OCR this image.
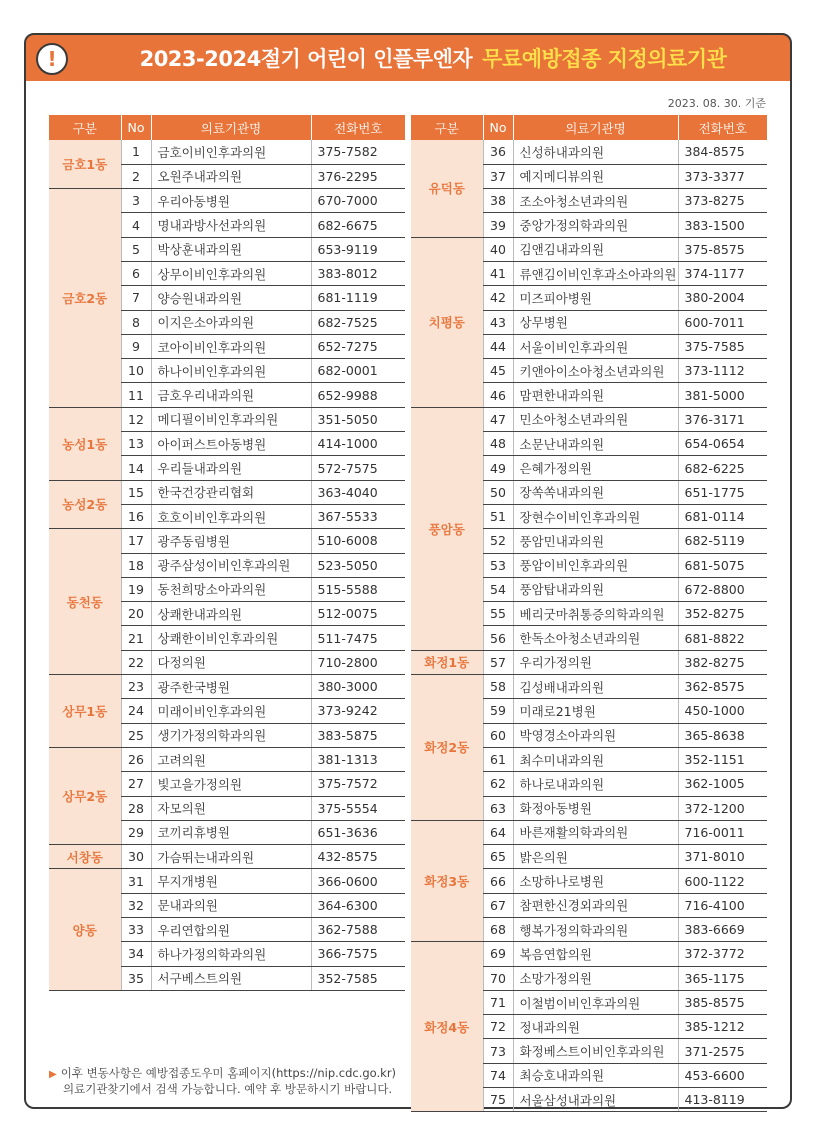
!	2023-2024절기 어린이 인플루엔자 무료예방접종 지정의료기관
2023. 08. 30. 기준
구분	No	의료기관명	전화번호
금호1동	1	금호이비인후과의원	375-7582
	2	오원주내과의원	376-2295
금호2동	3	우리아동병원	670-7000
	4	명내과방사선과의원	682-6675
	5	박상훈내과의원	653-9119
	6	상무이비인후과의원	383-8012
	7	양승원내과의원	681-1119
	8	이지은소아과의원	682-7525
	9	코아이비인후과의원	652-7275
	10	하나이비인후과의원	682-0001
	11	금호우리내과의원	652-9988
농성1동	12	메디필이비인후과의원	351-5050
	13	아이퍼스트아동병원	414-1000
	14	우리들내과의원	572-7575
농성2동	15	한국건강관리협회	363-4040
	16	호호이비인후과의원	367-5533
동천동	17	광주동림병원	510-6008
	18	광주삼성이비인후과의원	523-5050
	19	동천희망소아과의원	515-5588
	20	상쾌한내과의원	512-0075
	21	상쾌한이비인후과의원	511-7475
	22	다정의원	710-2800
상무1동	23	광주한국병원	380-3000
	24	미래이비인후과의원	373-9242
	25	생기가정의학과의원	383-5875
상무2동	26	고려의원	381-1313
	27	빛고을가정의원	375-7572
	28	자모의원	375-5554
	29	코끼리휴병원	651-3636
서창동	30	가슴뛰는내과의원	432-8575
양동	31	무지개병원	366-0600
	32	문내과의원	364-6300
	33	우리연합의원	362-7588
	34	하나가정의학과의원	366-7575
	35	서구베스트의원	352-7585
구분	No	의료기관명	전화번호
유덕동	36	신성하내과의원	384-8575
	37	예지메디뷰의원	373-3377
	38	조소아청소년과의원	373-8275
	39	중앙가정의학과의원	383-1500
치평동	40	김앤김내과의원	375-8575
	41	류앤김이비인후과소아과의원	374-1177
	42	미즈피아병원	380-2004
	43	상무병원	600-7011
	44	서울이비인후과의원	375-7585
	45	키앤아이소아청소년과의원	373-1112
	46	맘편한내과의원	381-5000
풍암동	47	민소아청소년과의원	376-3171
	48	소문난내과의원	654-0654
	49	은혜가정의원	682-6225
	50	장쏙쏙내과의원	651-1775
	51	장현수이비인후과의원	681-0114
	52	풍암민내과의원	682-5119
	53	풍암이비인후과의원	681-5075
	54	풍암탑내과의원	672-8800
	55	베리굿마취통증의학과의원	352-8275
	56	한독소아청소년과의원	681-8822
화정1동	57	우리가정의원	382-8275
화정2동	58	김성배내과의원	362-8575
	59	미래로21병원	450-1000
	60	박영경소아과의원	365-8638
	61	최수미내과의원	352-1151
	62	하나로내과의원	362-1005
	63	화정아동병원	372-1200
화정3동	64	바른재활의학과의원	716-0011
	65	밝은의원	371-8010
	66	소망하나로병원	600-1122
	67	참편한신경외과의원	716-4100
	68	행복가정의학과의원	383-6669
화정4동	69	복음연합의원	372-3772
	70	소망가정의원	365-1175
	71	이철범이비인후과의원	385-8575
	72	정내과의원	385-1212
	73	화정베스트이비인후과의원	371-2575
	74	최승호내과의원	453-6600
	75	서울삼성내과의원	413-8119
▶ 이후 변동사항은 예방접종도우미 홈페이지(https://nip.cdc.go.kr)
의료기관찾기에서 검색 가능합니다. 예약 후 방문하시기 바랍니다.
